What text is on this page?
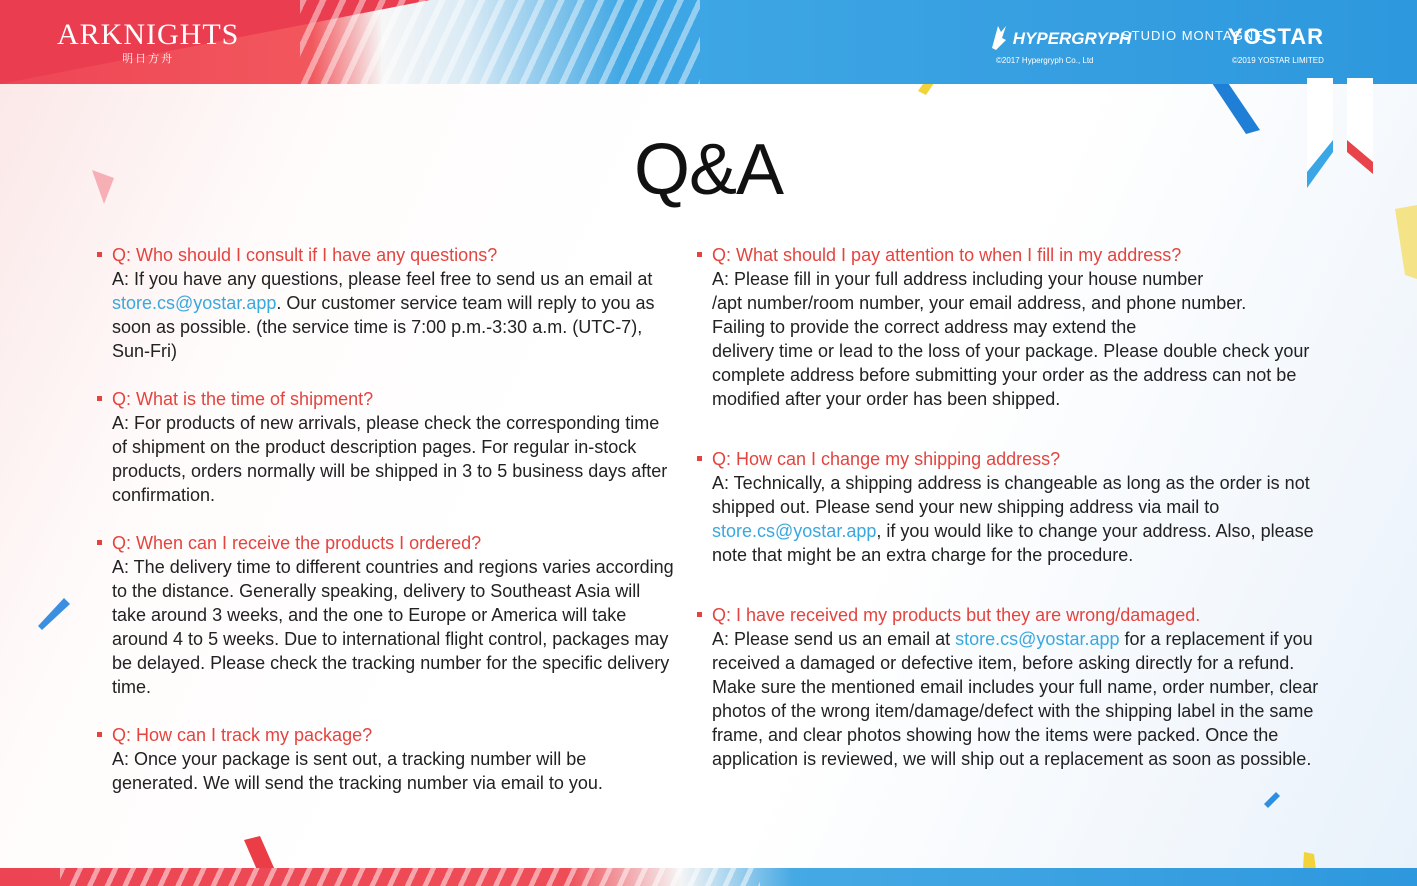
ARKNIGHTS
明日方舟
HYPERGRYPH
STUDIO MONTAGNE
YOSTAR
©2017 Hypergryph Co., Ltd	©2019 YOSTAR LIMITED
Q&A
Q: Who should I consult if I have any questions?
A: If you have any questions, please feel free to send us an email at store.cs@yostar.app. Our customer service team will reply to you as soon as possible. (the service time is 7:00 p.m.-3:30 a.m. (UTC-7), Sun-Fri)
Q: What is the time of shipment?
A: For products of new arrivals, please check the corresponding time of shipment on the product description pages. For regular in-stock products, orders normally will be shipped in 3 to 5 business days after confirmation.
Q: When can I receive the products I ordered?
A: The delivery time to different countries and regions varies according to the distance. Generally speaking, delivery to Southeast Asia will take around 3 weeks, and the one to Europe or America will take around 4 to 5 weeks. Due to international flight control, packages may be delayed. Please check the tracking number for the specific delivery time.
Q: How can I track my package?
A: Once your package is sent out, a tracking number will be generated. We will send the tracking number via email to you.
Q: What should I pay attention to when I fill in my address?
A: Please fill in your full address including your house number
/apt number/room number, your email address, and phone number.
Failing to provide the correct address may extend the
delivery time or lead to the loss of your package. Please double check your complete address before submitting your order as the address can not be modified after your order has been shipped.
Q: How can I change my shipping address?
A: Technically, a shipping address is changeable as long as the order is not shipped out. Please send your new shipping address via mail to store.cs@yostar.app, if you would like to change your address. Also, please note that might be an extra charge for the procedure.
Q: I have received my products but they are wrong/damaged.
A: Please send us an email at store.cs@yostar.app for a replacement if you received a damaged or defective item, before asking directly for a refund. Make sure the mentioned email includes your full name, order number, clear photos of the wrong item/damage/defect with the shipping label in the same frame, and clear photos showing how the items were packed. Once the application is reviewed, we will ship out a replacement as soon as possible.
